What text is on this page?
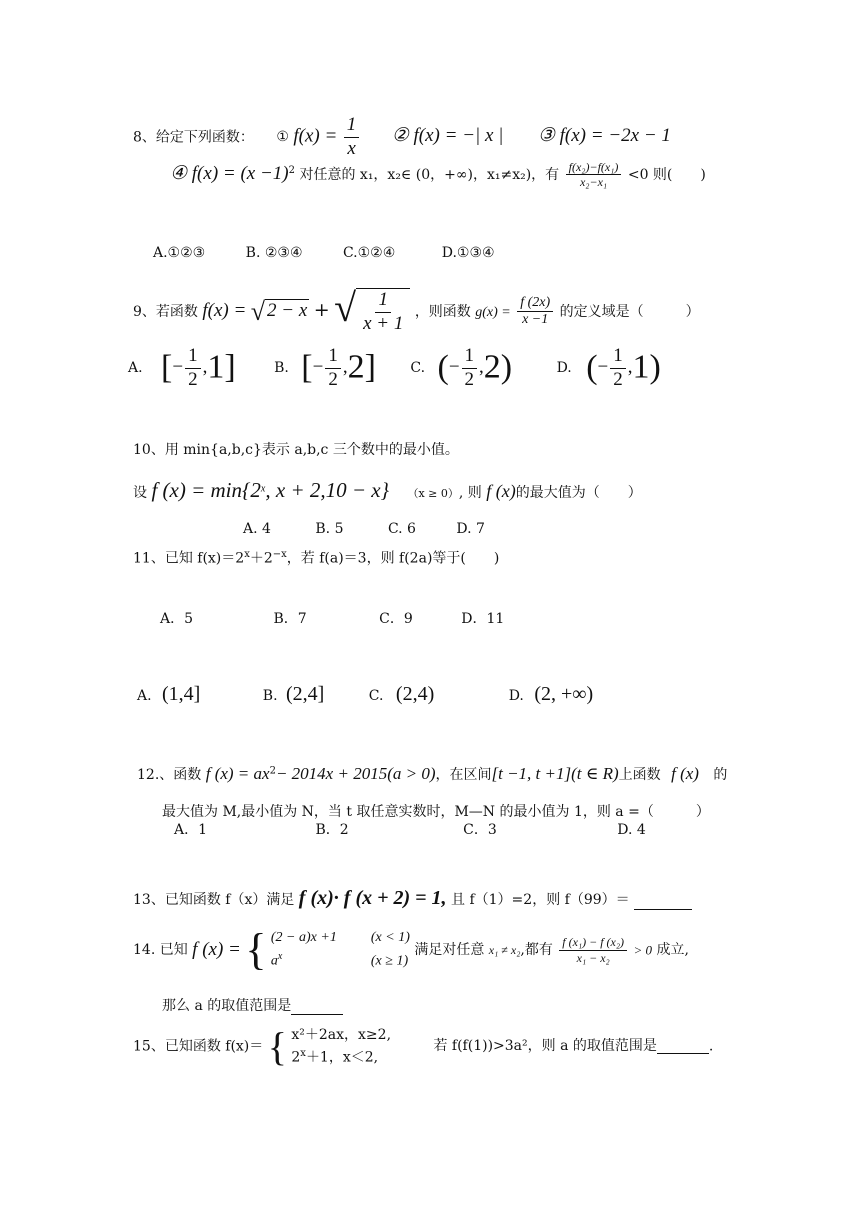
8、给定下列函数： ① $f(x) = \frac{1}{x}$ ② f(x) = −| x | ③ f(x) = −2x − 1
④ $f(x) = (x -1)^2$ 对任意的 x₁，x₂∈ (0，+∞)，x₁≠x₂)，有 $\frac{\text{f(x₂)−f(x₁)}}{\text{x₂−x₁}} <0$ 则(　　)
A.①②③	B. ②③④	C.①②④	D.①③④
9、若函数 f(x) = √ 2 − x + √ $\frac{1}{x + 1}$ ，则函数 $g(x) = \frac{f (2x)}{x -1}$ 的定义域是（　　　）
A. [− $\frac{1}{2} ,1$]	B. [− $\frac{1}{2} ,2$] C. (− $\frac{1}{2} ,2$)	D. (− $\frac{1}{2} ,1$)
10、用 min{a,b,c}表示 a,b,c 三个数中的最小值。
设 f $(x) = \min\{2^x$, x + 2,10 − x} （x ≥ 0）, 则 f (x)的最大值为（　　）
A. 4	B. 5	C. 6	D. 7
11、已知 $f(x)=2^x+2^{-x}$，若 f(a)＝3，则 f(2a)等于(　　)
A．5	B．7	C．9	D．11
A. (1,4]	B. (2,4]	C. (2,4)	D. (2, +∞)
12.、函数 f $(x) = ax^2- 2014x + 2015(a > 0)$，在区间[t −1, t +1](t ∈ R)上函数 f (x) 的
最大值为 M,最小值为 N，当 t 取任意实数时，M—N 的最小值为 1，则 a =（　　　）
A．1	B．2	C．3	D. 4
13、已知函数 f（x）满足 f (x)· f (x + 2) = 1, 且 f（1）=2，则 f（99）＝
14. 已知 f (x) = { (2 − a)x +1 (x < 1)
$a^x$	(x ≥ 1)
满足对任意 x₁ ≠ x₂,都有 $\frac{\text{f (x₁) − f (x₂)}}{\text{x₁ − x₂}} > 0$ 成立,
那么 a 的取值范围是
15、已知函数 f(x)＝ { x²＋2ax，x≥2,
$2^x+1$，x＜2,
若 f(f(1))>3a²，则 a 的取值范围是	.
